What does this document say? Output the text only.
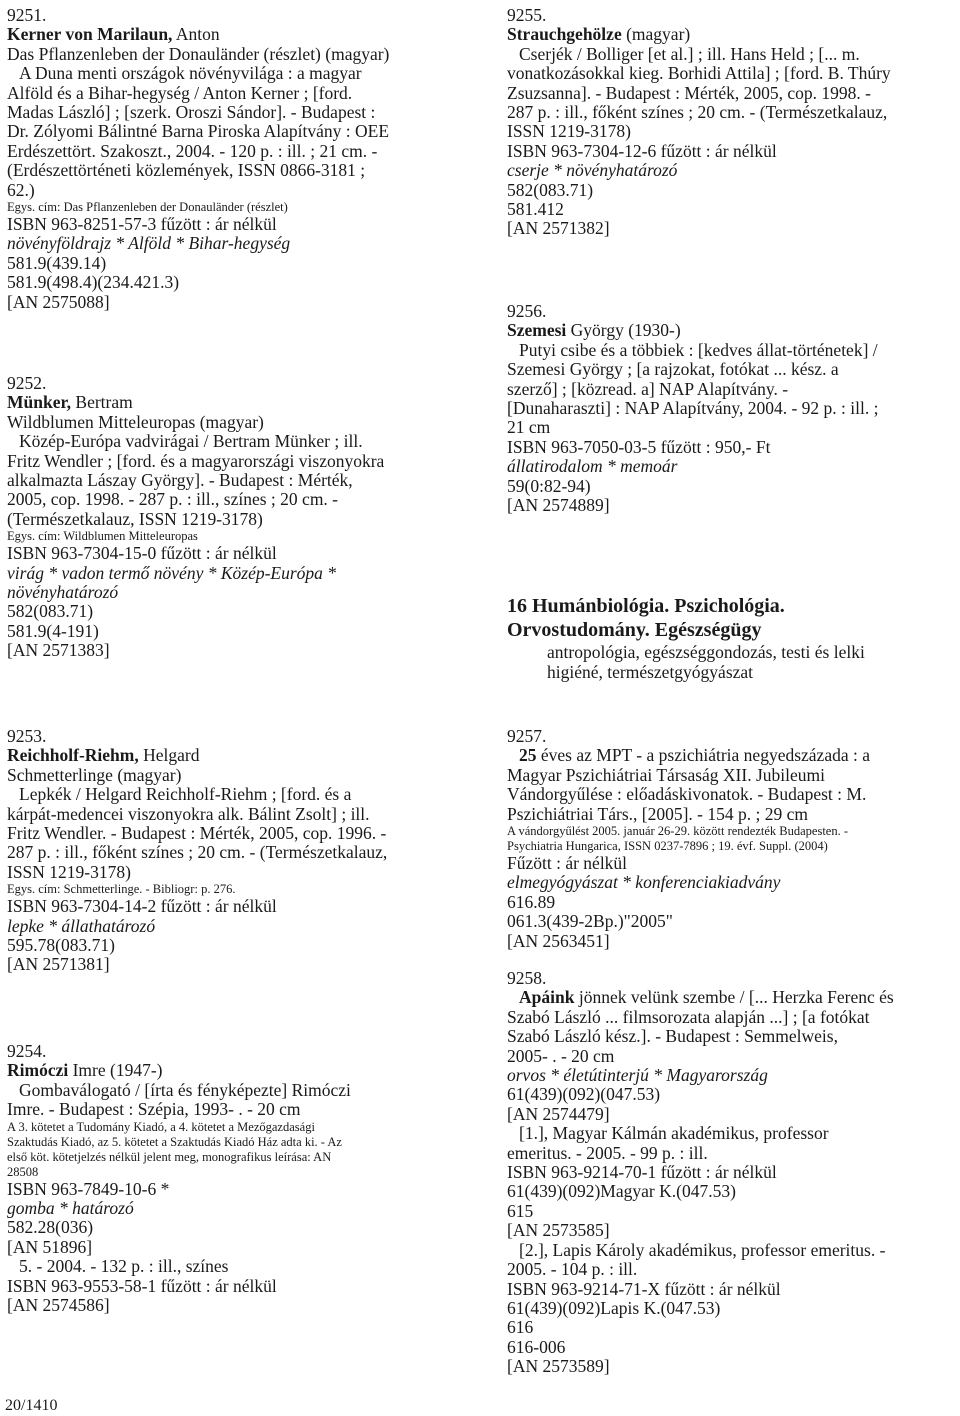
9251.
Kerner von Marilaun, Anton
Das Pflanzenleben der Donauländer (részlet) (magyar)
A Duna menti országok növényvilága : a magyar
Alföld és a Bihar-hegység / Anton Kerner ; [ford.
Madas László] ; [szerk. Oroszi Sándor]. - Budapest :
Dr. Zólyomi Bálintné Barna Piroska Alapítvány : OEE
Erdészettört. Szakoszt., 2004. - 120 p. : ill. ; 21 cm. -
(Erdészettörténeti közlemények, ISSN 0866-3181 ;
62.)
Egys. cím: Das Pflanzenleben der Donauländer (részlet)
ISBN 963-8251-57-3 fűzött : ár nélkül
növényföldrajz * Alföld * Bihar-hegység
581.9(439.14)
581.9(498.4)(234.421.3)
[AN 2575088]
9252.
Münker, Bertram
Wildblumen Mitteleuropas (magyar)
Közép-Európa vadvirágai / Bertram Münker ; ill.
Fritz Wendler ; [ford. és a magyarországi viszonyokra
alkalmazta Lászay György]. - Budapest : Mérték,
2005, cop. 1998. - 287 p. : ill., színes ; 20 cm. -
(Természetkalauz, ISSN 1219-3178)
Egys. cím: Wildblumen Mitteleuropas
ISBN 963-7304-15-0 fűzött : ár nélkül
virág * vadon termő növény * Közép-Európa *
növényhatározó
582(083.71)
581.9(4-191)
[AN 2571383]
9253.
Reichholf-Riehm, Helgard
Schmetterlinge (magyar)
Lepkék / Helgard Reichholf-Riehm ; [ford. és a
kárpát-medencei viszonyokra alk. Bálint Zsolt] ; ill.
Fritz Wendler. - Budapest : Mérték, 2005, cop. 1996. -
287 p. : ill., főként színes ; 20 cm. - (Természetkalauz,
ISSN 1219-3178)
Egys. cím: Schmetterlinge. - Bibliogr: p. 276.
ISBN 963-7304-14-2 fűzött : ár nélkül
lepke * állathatározó
595.78(083.71)
[AN 2571381]
9254.
Rimóczi Imre (1947-)
Gombaválogató / [írta és fényképezte] Rimóczi
Imre. - Budapest : Szépia, 1993- . - 20 cm
A 3. kötetet a Tudomány Kiadó, a 4. kötetet a Mezőgazdasági
Szaktudás Kiadó, az 5. kötetet a Szaktudás Kiadó Ház adta ki. - Az
első köt. kötetjelzés nélkül jelent meg, monografikus leírása: AN
28508
ISBN 963-7849-10-6 *
gomba * határozó
582.28(036)
[AN 51896]
5. - 2004. - 132 p. : ill., színes
ISBN 963-9553-58-1 fűzött : ár nélkül
[AN 2574586]
9255.
Strauchgehölze (magyar)
Cserjék / Bolliger [et al.] ; ill. Hans Held ; [... m.
vonatkozásokkal kieg. Borhidi Attila] ; [ford. B. Thúry
Zsuzsanna]. - Budapest : Mérték, 2005, cop. 1998. -
287 p. : ill., főként színes ; 20 cm. - (Természetkalauz,
ISSN 1219-3178)
ISBN 963-7304-12-6 fűzött : ár nélkül
cserje * növényhatározó
582(083.71)
581.412
[AN 2571382]
9256.
Szemesi György (1930-)
Putyi csibe és a többiek : [kedves állat-történetek] /
Szemesi György ; [a rajzokat, fotókat ... kész. a
szerző] ; [közread. a] NAP Alapítvány. -
[Dunaharaszti] : NAP Alapítvány, 2004. - 92 p. : ill. ;
21 cm
ISBN 963-7050-03-5 fűzött : 950,- Ft
állatirodalom * memoár
59(0:82-94)
[AN 2574889]
16 Humánbiológia. Pszichológia.
Orvostudomány. Egészségügy
antropológia, egészséggondozás, testi és lelki
higiéné, természetgyógyászat
9257.
25 éves az MPT - a pszichiátria negyedszázada : a
Magyar Pszichiátriai Társaság XII. Jubileumi
Vándorgyűlése : előadáskivonatok. - Budapest : M.
Pszichiátriai Társ., [2005]. - 154 p. ; 29 cm
A vándorgyűlést 2005. január 26-29. között rendezték Budapesten. -
Psychiatria Hungarica, ISSN 0237-7896 ; 19. évf. Suppl. (2004)
Fűzött : ár nélkül
elmegyógyászat * konferenciakiadvány
616.89
061.3(439-2Bp.)"2005"
[AN 2563451]
9258.
Apáink jönnek velünk szembe / [... Herzka Ferenc és
Szabó László ... filmsorozata alapján ...] ; [a fotókat
Szabó László kész.]. - Budapest : Semmelweis,
2005- . - 20 cm
orvos * életútinterjú * Magyarország
61(439)(092)(047.53)
[AN 2574479]
[1.], Magyar Kálmán akadémikus, professor
emeritus. - 2005. - 99 p. : ill.
ISBN 963-9214-70-1 fűzött : ár nélkül
61(439)(092)Magyar K.(047.53)
615
[AN 2573585]
[2.], Lapis Károly akadémikus, professor emeritus. -
2005. - 104 p. : ill.
ISBN 963-9214-71-X fűzött : ár nélkül
61(439)(092)Lapis K.(047.53)
616
616-006
[AN 2573589]
20/1410
